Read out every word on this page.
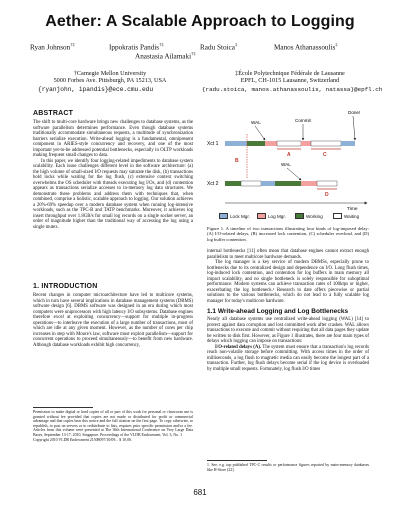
Aether: A Scalable Approach to Logging
Ryan Johnson†‡	Ippokratis Pandis†‡	Radu Stoica‡	Manos Athanassoulis‡
Anastasia Ailamaki†‡
†Carnegie Mellon University
5000 Forbes Ave. Pittsburgh, PA 15213, USA
{ryanjohn, ipandis}@ece.cmu.edu
‡École Polytechnique Fédérale de Lausanne
EPFL, CH-1015 Lausanne, Switzerland
{radu.stoica, manos.athanassoulis, natassa}@epfl.ch
ABSTRACT

The shift to multi-core hardware brings new challenges to database systems, as the software parallelism determines performance. Even though database systems traditionally accommodate simultaneous requests, a multitude of synchronization barriers serialize execution. Write-ahead logging is a fundamental, omnipresent component in ARIES-style concurrency and recovery, and one of the most important yet-to-be addressed potential bottlenecks, especially in OLTP workloads making frequent small changes to data.

In this paper, we identify four logging-related impediments to database system scalability. Each issue challenges different level in the software architecture: (a) the high volume of small-sized I/O requests may saturate the disk, (b) transactions hold locks while waiting for the log flush, (c) extensive context switching overwhelms the OS scheduler with threads executing log I/Os, and (d) contention appears as transactions serialize accesses to in-memory log data structures. We demonstrate these problems and address them with techniques that, when combined, comprise a holistic, scalable approach to logging. Our solution achieves a 20%-69% speedup over a modern database system when running log-intensive workloads, such as the TPC-B and TATP benchmarks. Moreover, it achieves log insert throughput over 1.8GB/s for small log records on a single socket server, an order of magnitude higher than the traditional way of accessing the log using a single mutex.

1. INTRODUCTION

Recent changes in computer microarchitecture have led to multicore systems, which in turn have several implications in database management systems (DBMS) software design [6]. DBMS software was designed in an era during which most computers were uniprocessors with high latency I/O subsystems. Database engines therefore excel at exploiting concurrency—support for multiple in-progress operations—to interleave the execution of a large number of transactions, most of which are idle at any given moment. However, as the number of cores per chip increases in step with Moore's law, software must exploit parallelism—support for concurrent operations to proceed simultaneously—to benefit from new hardware. Although database workloads exhibit high concurrency,

Permission to make digital or hard copies of all or part of this work for personal or classroom use is granted without fee provided that copies are not made or distributed for profit or commercial advantage and that copies bear this notice and the full citation on the first page. To copy otherwise, to republish, to post on servers or to redistribute to lists, requires prior specific permission and/or a fee. Articles from this volume were presented at The 36th International Conference on Very Large Data Bases, September 13-17, 2010, Singapore. Proceedings of the VLDB Endowment, Vol. 3, No. 1

Copyright 2010 VLDB Endowment 21508097/10/09... $ 10.00.

Xct 1
Xct 2
WAL	Commit
Done!
WAL
A
B
C
D
Time
Lock Mgr.	Log Mgr.	Working	Waiting

Figure 1. A timeline of two transactions illustrating four kinds of log-imposed delay: (A) I/O-related delays, (B) increased lock contention, (C) scheduler overload, and (D) log buffer contention.

internal bottlenecks [11] often mean that database engines cannot extract enough parallelism to meet multicore hardware demands.

The log manager is a key service of modern DBMSs, especially prone to bottlenecks due to its centralized design and dependence on I/O. Long flush times, log-induced lock contention, and contention for log buffers in main memory all impact scalability, and no single bottleneck is solely responsible for suboptimal performance. Modern systems can achieve transaction rates of 100ktps or higher, exacerbating the log bottleneck.¹ Research to date offers piecewise or partial solutions to the various bottlenecks, which do not lead to a fully scalable log manager for today's multicore hardware.

1.1 Write-ahead Logging and Log Bottlenecks

Nearly all database systems use centralized write-ahead logging (WAL) [14] to protect against data corruption and lost committed work after crashes. WAL allows transactions to execute and commit without requiring that all data pages they update be written to disk first. However, as Figure 1 illustrates, there are four main types of delays which logging can impose on transactions:

I/O-related delays (A). The system must ensure that a transaction's log records reach non-volatile storage before committing. With access times in the order of milliseconds, a log flush to magnetic media can easily become the longest part of a transaction. Further, log flush delays become serial if the log device is overloaded by multiple small requests. Fortunately, log flush I/O times

1. See, e.g. top published TPC-C results or performance figures reported by main-memory databases like H-Store [22].

681
